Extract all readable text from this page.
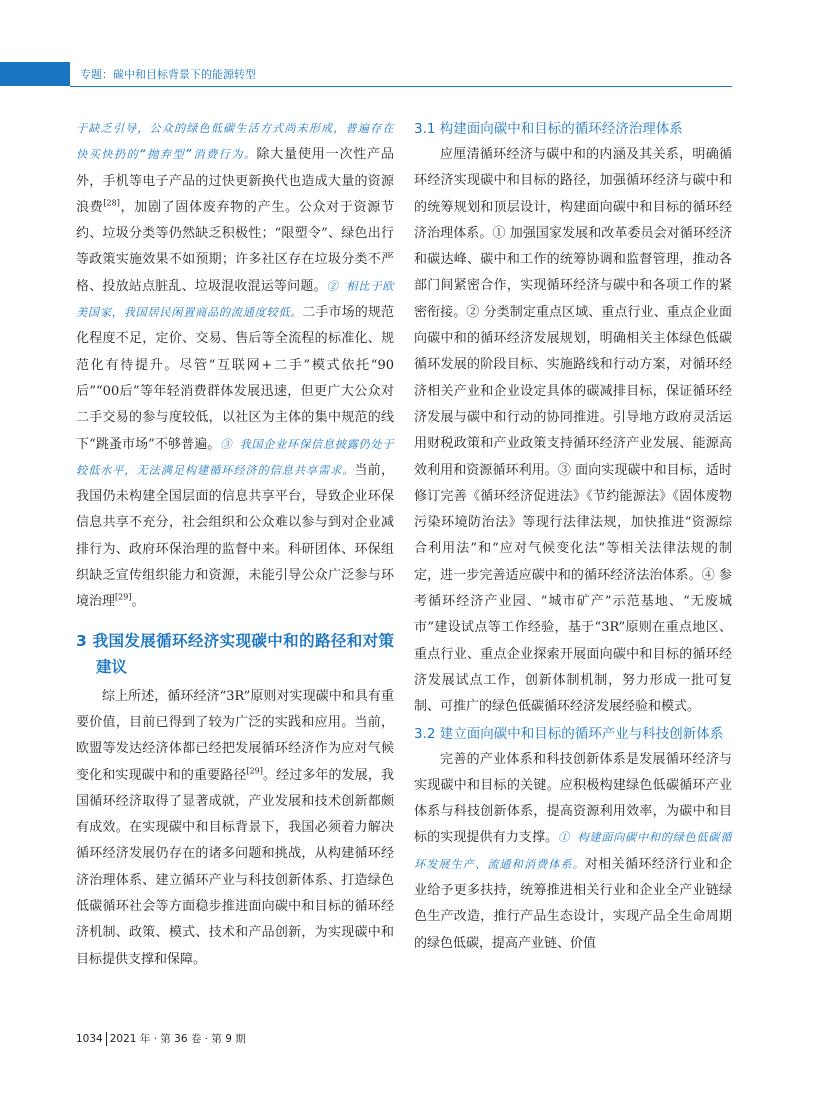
专题：碳中和目标背景下的能源转型

于缺乏引导，公众的绿色低碳生活方式尚未形成，普遍存在快买快扔的“抛弃型”消费行为。除大量使用一次性产品外，手机等电子产品的过快更新换代也造成大量的资源浪费[28]，加剧了固体废弃物的产生。公众对于资源节约、垃圾分类等仍然缺乏积极性；“限塑令”、绿色出行等政策实施效果不如预期；许多社区存在垃圾分类不严格、投放站点脏乱、垃圾混收混运等问题。② 相比于欧美国家，我国居民闲置商品的流通度较低。二手市场的规范化程度不足，定价、交易、售后等全流程的标准化、规范化有待提升。尽管“互联网+二手”模式依托“90后”“00后”等年轻消费群体发展迅速，但更广大公众对二手交易的参与度较低，以社区为主体的集中规范的线下“跳蚤市场”不够普遍。③ 我国企业环保信息披露仍处于较低水平，无法满足构建循环经济的信息共享需求。当前，我国仍未构建全国层面的信息共享平台，导致企业环保信息共享不充分，社会组织和公众难以参与到对企业减排行为、政府环保治理的监督中来。科研团体、环保组织缺乏宣传组织能力和资源，未能引导公众广泛参与环境治理[29]。

3 我国发展循环经济实现碳中和的路径和对策建议

综上所述，循环经济“3R”原则对实现碳中和具有重要价值，目前已得到了较为广泛的实践和应用。当前，欧盟等发达经济体都已经把发展循环经济作为应对气候变化和实现碳中和的重要路径[29]。经过多年的发展，我国循环经济取得了显著成就，产业发展和技术创新都颇有成效。在实现碳中和目标背景下，我国必须着力解决循环经济发展仍存在的诸多问题和挑战，从构建循环经济治理体系、建立循环产业与科技创新体系、打造绿色低碳循环社会等方面稳步推进面向碳中和目标的循环经济机制、政策、模式、技术和产品创新，为实现碳中和目标提供支撑和保障。

3.1 构建面向碳中和目标的循环经济治理体系

应厘清循环经济与碳中和的内涵及其关系，明确循环经济实现碳中和目标的路径，加强循环经济与碳中和的统筹规划和顶层设计，构建面向碳中和目标的循环经济治理体系。① 加强国家发展和改革委员会对循环经济和碳达峰、碳中和工作的统筹协调和监督管理，推动各部门间紧密合作，实现循环经济与碳中和各项工作的紧密衔接。② 分类制定重点区域、重点行业、重点企业面向碳中和的循环经济发展规划，明确相关主体绿色低碳循环发展的阶段目标、实施路线和行动方案，对循环经济相关产业和企业设定具体的碳减排目标，保证循环经济发展与碳中和行动的协同推进。引导地方政府灵活运用财税政策和产业政策支持循环经济产业发展、能源高效利用和资源循环利用。③ 面向实现碳中和目标，适时修订完善《循环经济促进法》《节约能源法》《固体废物污染环境防治法》等现行法律法规，加快推进“资源综合利用法”和“应对气候变化法”等相关法律法规的制定，进一步完善适应碳中和的循环经济法治体系。④ 参考循环经济产业园、“城市矿产”示范基地、“无废城市”建设试点等工作经验，基于“3R”原则在重点地区、重点行业、重点企业探索开展面向碳中和目标的循环经济发展试点工作，创新体制机制，努力形成一批可复制、可推广的绿色低碳循环经济发展经验和模式。

3.2 建立面向碳中和目标的循环产业与科技创新体系

完善的产业体系和科技创新体系是发展循环经济与实现碳中和目标的关键。应积极构建绿色低碳循环产业体系与科技创新体系，提高资源利用效率，为碳中和目标的实现提供有力支撑。① 构建面向碳中和的绿色低碳循环发展生产、流通和消费体系。对相关循环经济行业和企业给予更多扶持，统筹推进相关行业和企业全产业链绿色生产改造，推行产品生态设计，实现产品全生命周期的绿色低碳，提高产业链、价值

1034 2021 年 · 第 36 卷 · 第 9 期
